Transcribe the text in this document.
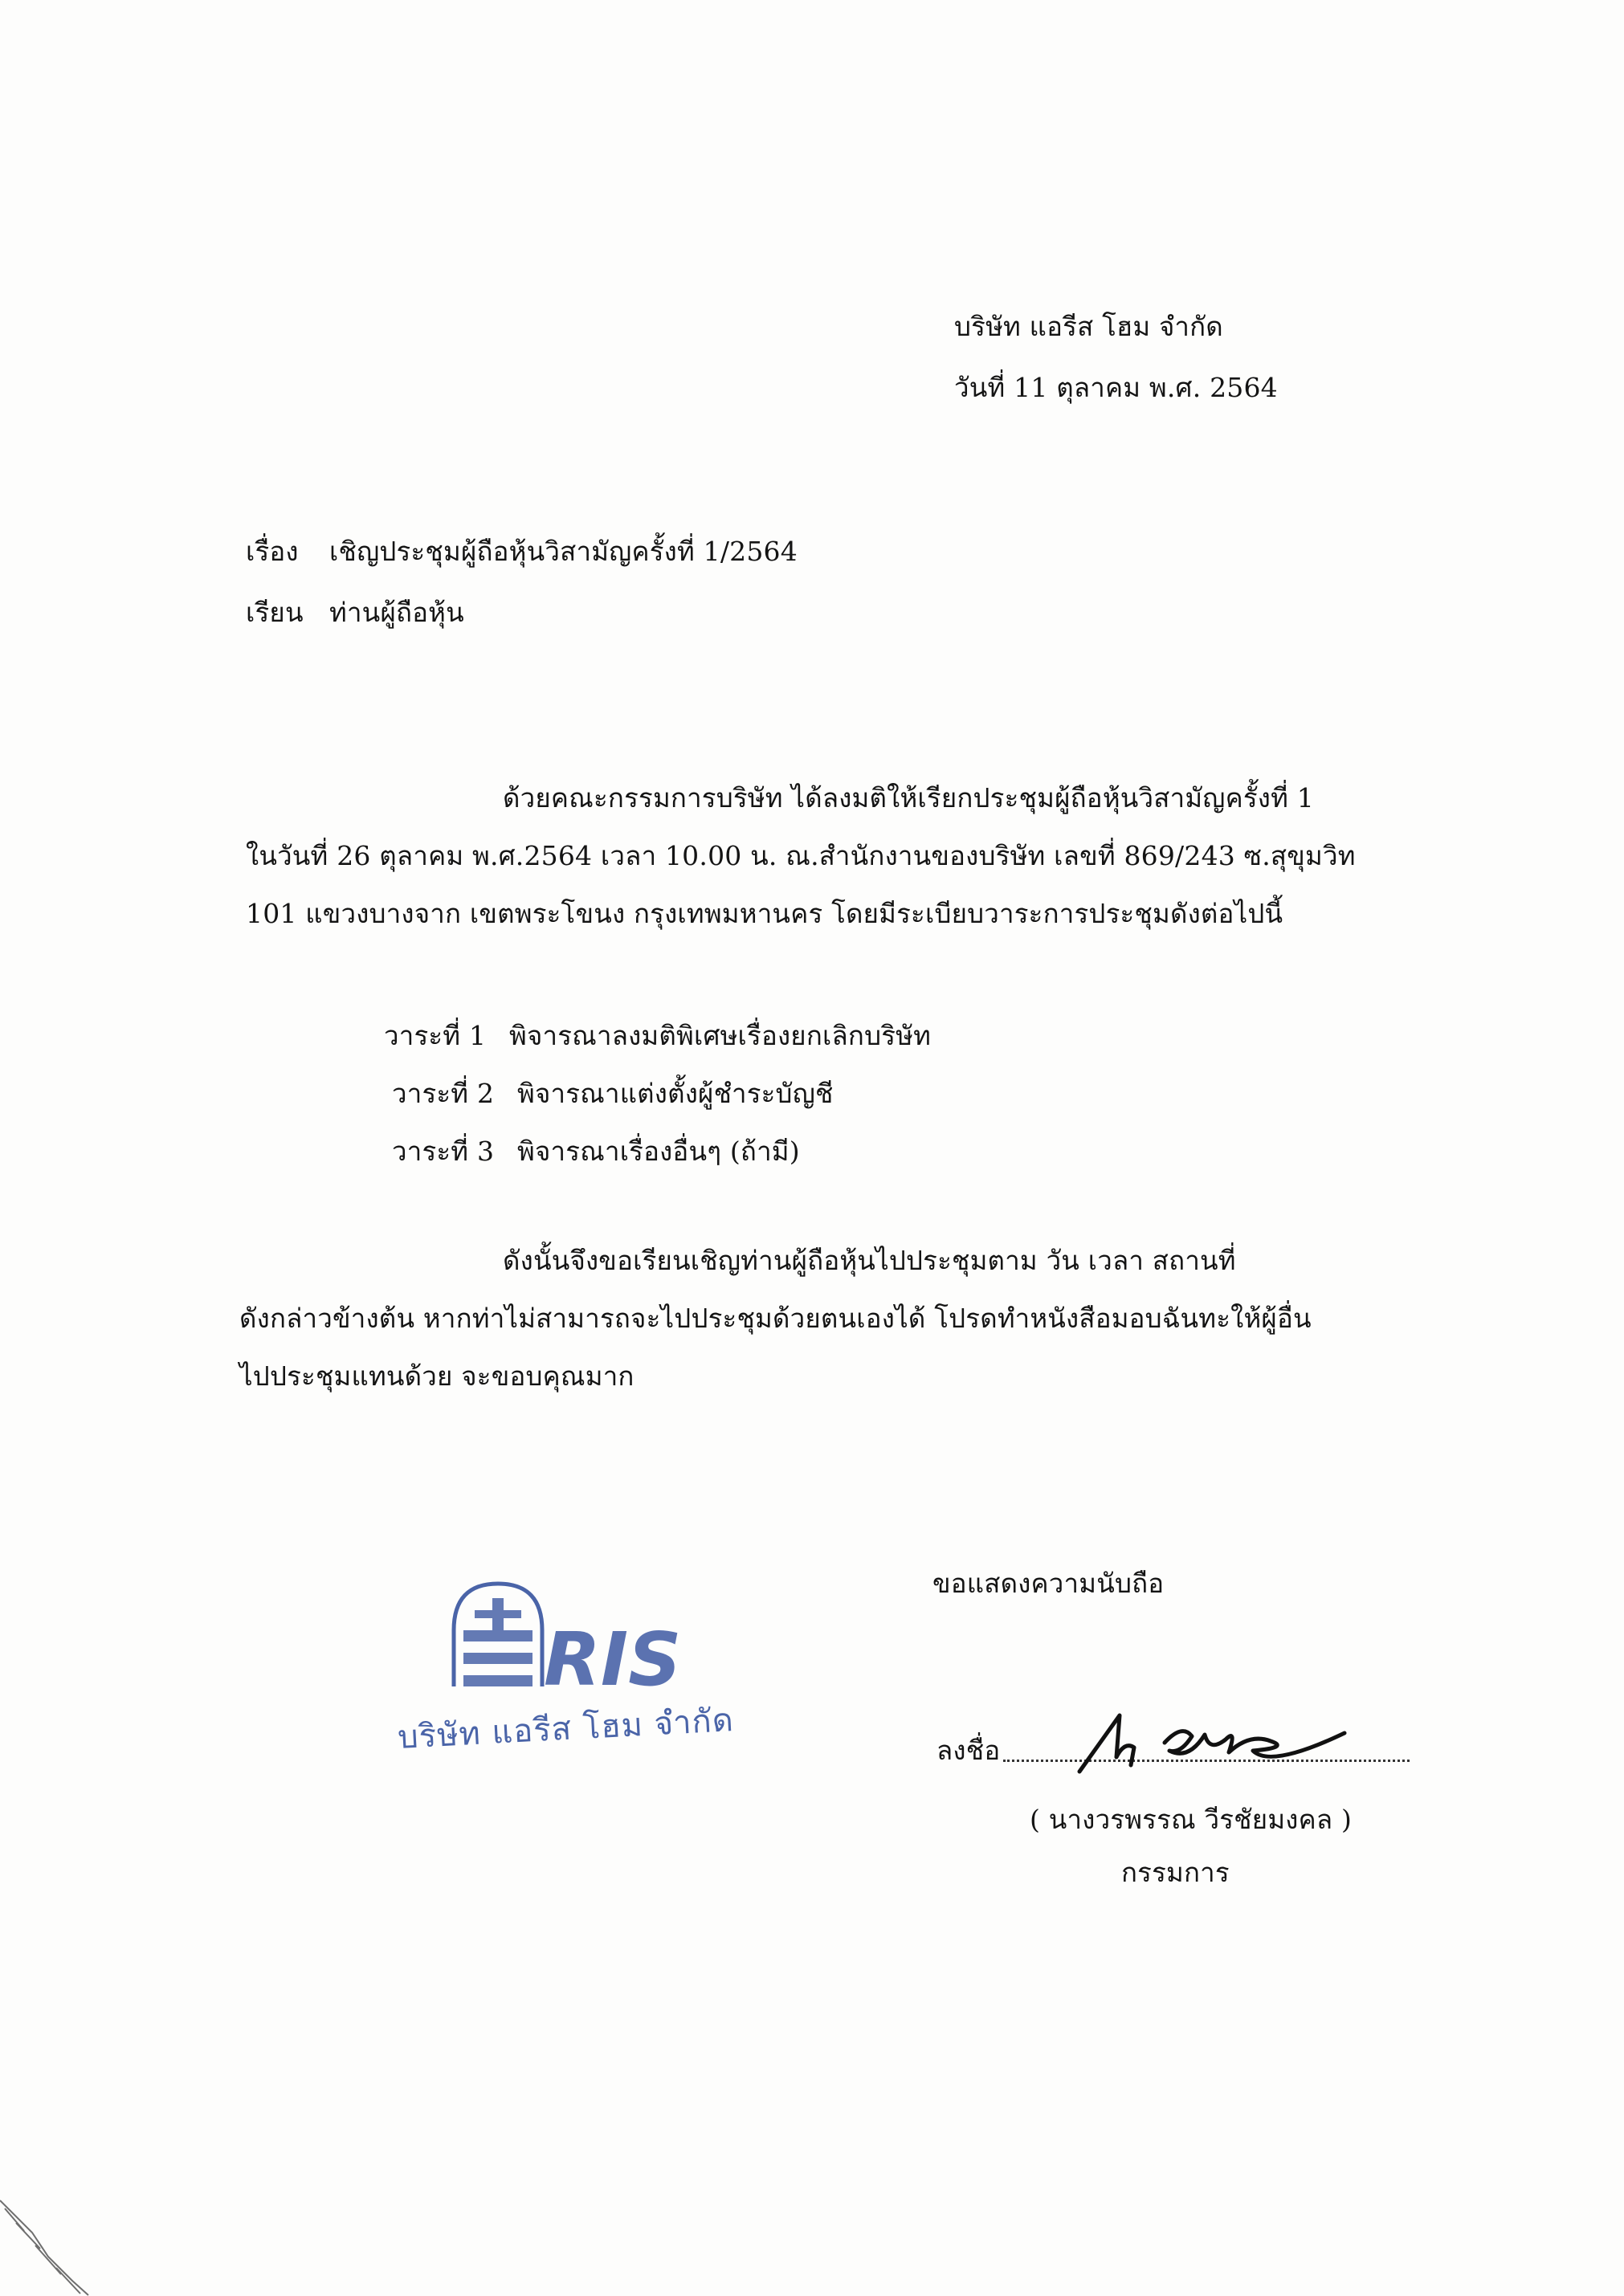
บริษัท แอรีส โฮม จำกัด
วันที่ 11 ตุลาคม พ.ศ. 2564
เรื่อง	เชิญประชุมผู้ถือหุ้นวิสามัญครั้งที่ 1/2564
เรียน ท่านผู้ถือหุ้น
ด้วยคณะกรรมการบริษัท ได้ลงมติให้เรียกประชุมผู้ถือหุ้นวิสามัญครั้งที่ 1
ในวันที่ 26 ตุลาคม พ.ศ.2564 เวลา 10.00 น. ณ.สำนักงานของบริษัท เลขที่ 869/243 ซ.สุขุมวิท
101 แขวงบางจาก เขตพระโขนง กรุงเทพมหานคร โดยมีระเบียบวาระการประชุมดังต่อไปนี้
วาระที่ 1 พิจารณาลงมติพิเศษเรื่องยกเลิกบริษัท
วาระที่ 2 พิจารณาแต่งตั้งผู้ชำระบัญชี
วาระที่ 3 พิจารณาเรื่องอื่นๆ (ถ้ามี)
ดังนั้นจึงขอเรียนเชิญท่านผู้ถือหุ้นไปประชุมตาม วัน เวลา สถานที่
ดังกล่าวข้างต้น หากท่าไม่สามารถจะไปประชุมด้วยตนเองได้ โปรดทำหนังสือมอบฉันทะให้ผู้อื่น
ไปประชุมแทนด้วย จะขอบคุณมาก
RIS
บริษัท แอรีส โฮม จำกัด
ขอแสดงความนับถือ
ลงชื่อ
( นางวรพรรณ วีรชัยมงคล )
กรรมการ
